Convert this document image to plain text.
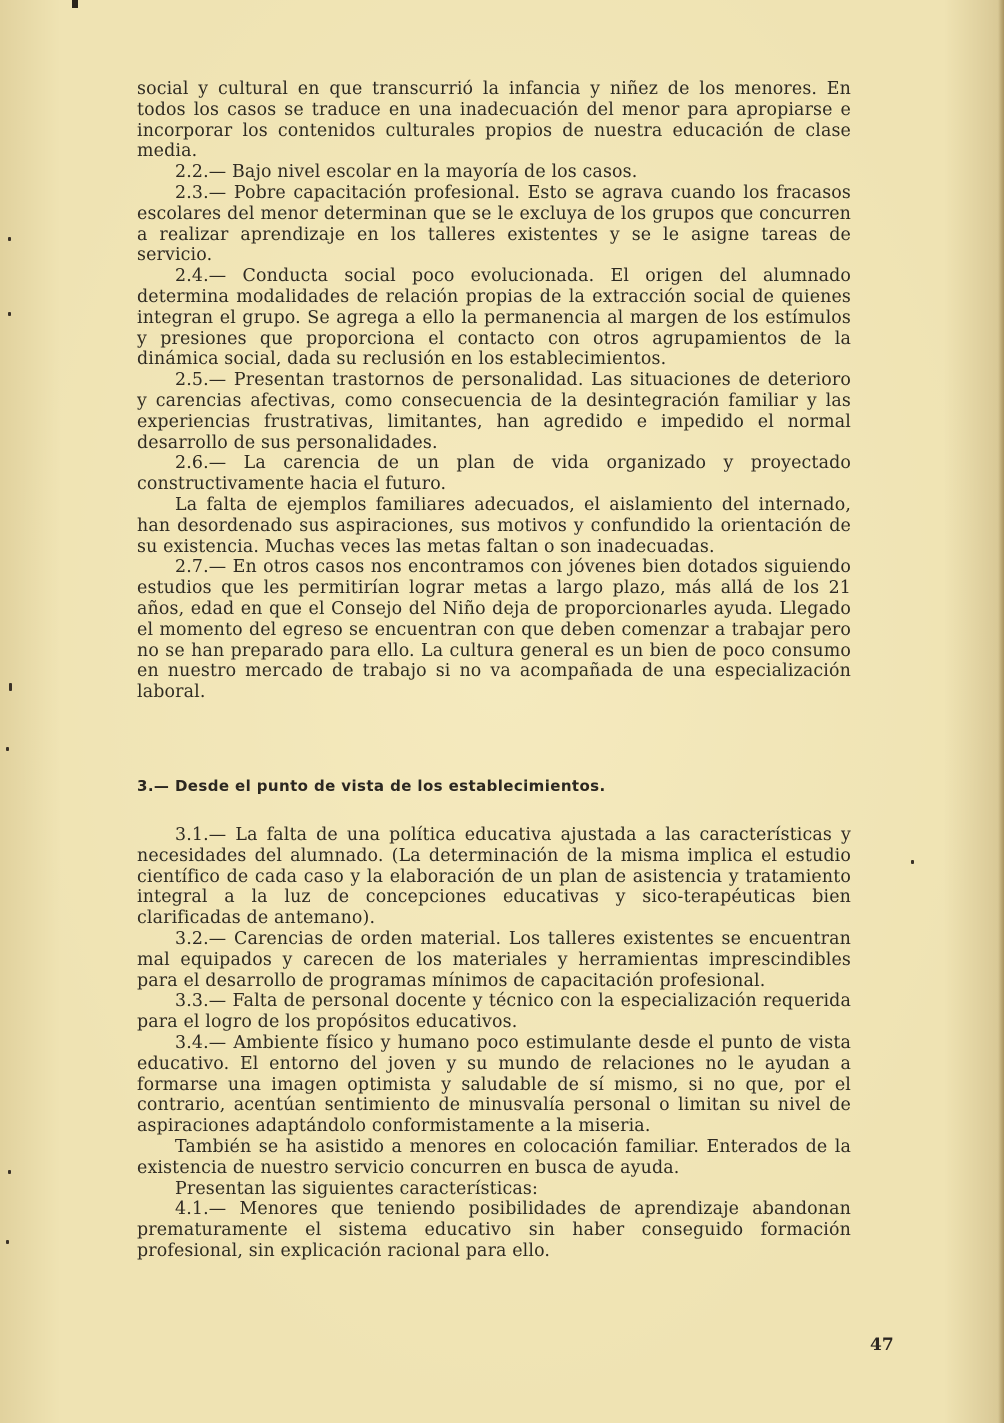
social y cultural en que transcurrió la infancia y niñez de los menores. En todos los casos se traduce en una inadecuación del menor para apropiarse e incorporar los contenidos culturales propios de nuestra educación de clase media.

2.2.— Bajo nivel escolar en la mayoría de los casos.

2.3.— Pobre capacitación profesional. Esto se agrava cuando los fracasos escolares del menor determinan que se le excluya de los grupos que concurren a realizar aprendizaje en los talleres existentes y se le asigne tareas de servicio.

2.4.— Conducta social poco evolucionada. El origen del alumnado determina modalidades de relación propias de la extracción social de quienes integran el grupo. Se agrega a ello la permanencia al margen de los estímulos y presiones que proporciona el contacto con otros agrupamientos de la dinámica social, dada su reclusión en los establecimientos.

2.5.— Presentan trastornos de personalidad. Las situaciones de deterioro y carencias afectivas, como consecuencia de la desintegración familiar y las experiencias frustrativas, limitantes, han agredido e impedido el normal desarrollo de sus personalidades.

2.6.— La carencia de un plan de vida organizado y proyectado constructivamente hacia el futuro.

La falta de ejemplos familiares adecuados, el aislamiento del internado, han desordenado sus aspiraciones, sus motivos y confundido la orientación de su existencia. Muchas veces las metas faltan o son inadecuadas.

2.7.— En otros casos nos encontramos con jóvenes bien dotados siguiendo estudios que les permitirían lograr metas a largo plazo, más allá de los 21 años, edad en que el Consejo del Niño deja de proporcionarles ayuda. Llegado el momento del egreso se encuentran con que deben comenzar a trabajar pero no se han preparado para ello. La cultura general es un bien de poco consumo en nuestro mercado de trabajo si no va acompañada de una especialización laboral.

3.— Desde el punto de vista de los establecimientos.

3.1.— La falta de una política educativa ajustada a las características y necesidades del alumnado. (La determinación de la misma implica el estudio científico de cada caso y la elaboración de un plan de asistencia y tratamiento integral a la luz de concepciones educativas y sico-terapéuticas bien clarificadas de antemano).

3.2.— Carencias de orden material. Los talleres existentes se encuentran mal equipados y carecen de los materiales y herramientas imprescindibles para el desarrollo de programas mínimos de capacitación profesional.

3.3.— Falta de personal docente y técnico con la especialización requerida para el logro de los propósitos educativos.

3.4.— Ambiente físico y humano poco estimulante desde el punto de vista educativo. El entorno del joven y su mundo de relaciones no le ayudan a formarse una imagen optimista y saludable de sí mismo, si no que, por el contrario, acentúan sentimiento de minusvalía personal o limitan su nivel de aspiraciones adaptándolo conformistamente a la miseria.

También se ha asistido a menores en colocación familiar. Enterados de la existencia de nuestro servicio concurren en busca de ayuda.

Presentan las siguientes características:

4.1.— Menores que teniendo posibilidades de aprendizaje abandonan prematuramente el sistema educativo sin haber conseguido formación profesional, sin explicación racional para ello.

47
